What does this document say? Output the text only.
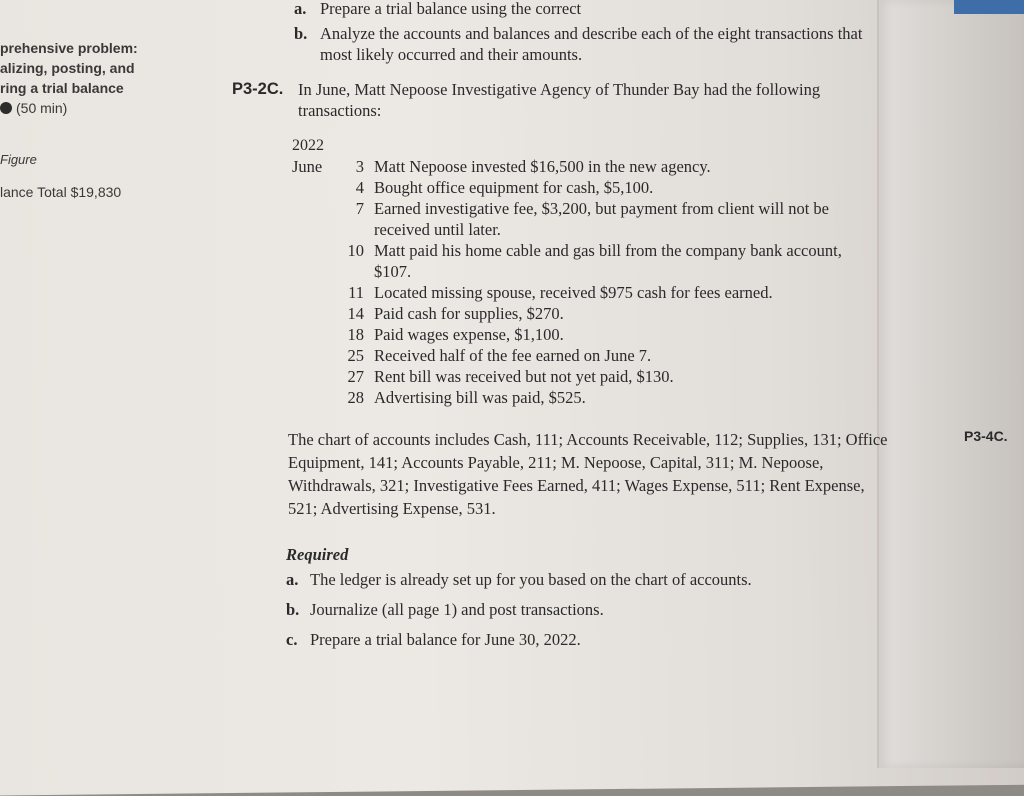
prehensive problem:
alizing, posting, and
ring a trial balance
(50 min)
Figure
lance Total $19,830
P3-4C.
a. Prepare a trial balance using the correct
b. Analyze the accounts and balances and describe each of the eight transactions that most likely occurred and their amounts.
P3-2C. In June, Matt Nepoose Investigative Agency of Thunder Bay had the following transactions:
2022
June	3 Matt Nepoose invested $16,500 in the new agency.
4 Bought office equipment for cash, $5,100.
7 Earned investigative fee, $3,200, but payment from client will not be received until later.
10 Matt paid his home cable and gas bill from the company bank account, $107.
11 Located missing spouse, received $975 cash for fees earned.
14 Paid cash for supplies, $270.
18 Paid wages expense, $1,100.
25 Received half of the fee earned on June 7.
27 Rent bill was received but not yet paid, $130.
28 Advertising bill was paid, $525.
The chart of accounts includes Cash, 111; Accounts Receivable, 112; Supplies, 131; Office Equipment, 141; Accounts Payable, 211; M. Nepoose, Capital, 311; M. Nepoose, Withdrawals, 321; Investigative Fees Earned, 411; Wages Expense, 511; Rent Expense, 521; Advertising Expense, 531.
Required
a. The ledger is already set up for you based on the chart of accounts.
b. Journalize (all page 1) and post transactions.
c. Prepare a trial balance for June 30, 2022.
